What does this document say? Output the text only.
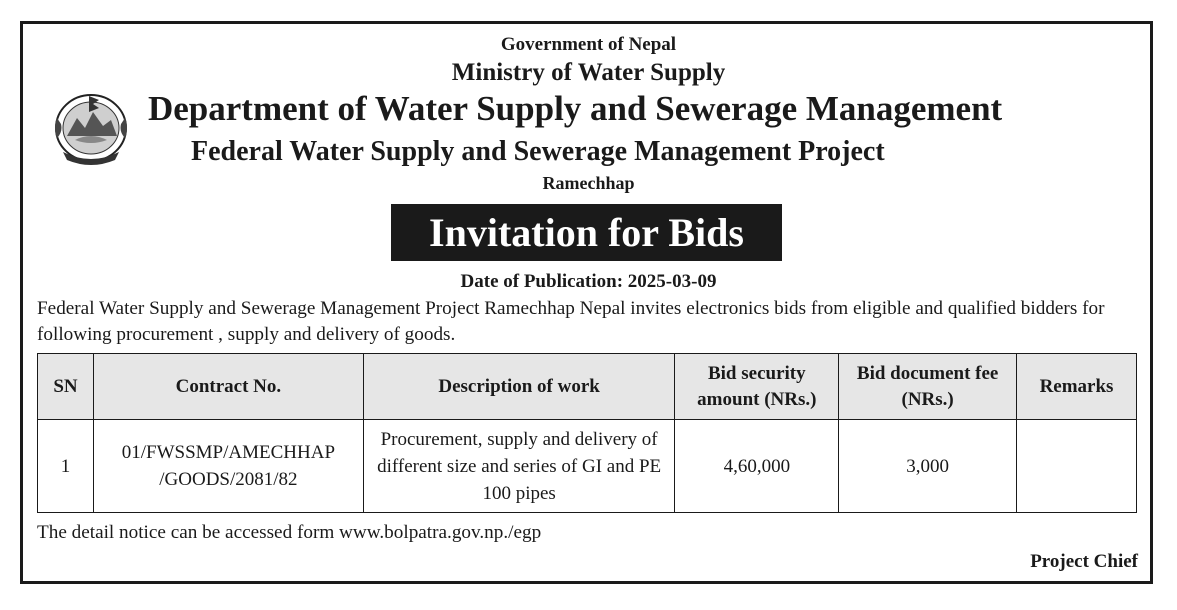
Government of Nepal
Ministry of Water Supply
Department of Water Supply and Sewerage Management
Federal Water Supply and Sewerage Management Project
Ramechhap
Invitation for Bids
Date of Publication: 2025-03-09
Federal Water Supply and Sewerage Management Project Ramechhap Nepal invites electronics bids from eligible and qualified bidders for following procurement , supply and delivery of goods.
SN	Contract No.	Description of work	Bid security amount (NRs.)	Bid document fee (NRs.)	Remarks
1	01/FWSSMP/AMECHHAP /GOODS/2081/82	Procurement, supply and delivery of different size and series of GI and PE 100 pipes	4,60,000	3,000	
The detail notice can be accessed form www.bolpatra.gov.np./egp
Project Chief
